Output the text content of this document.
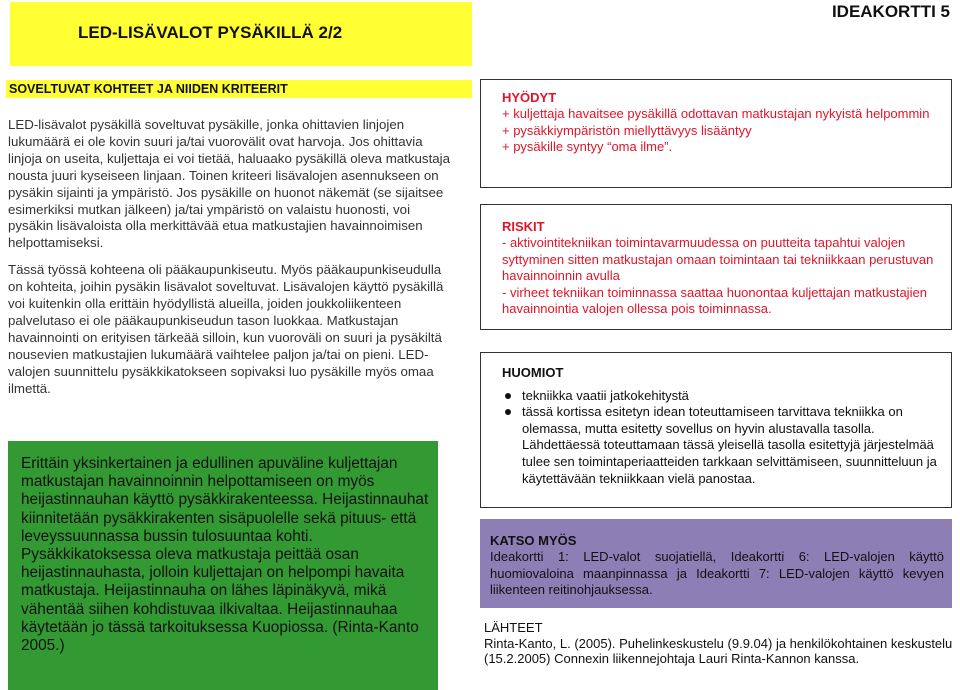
IDEAKORTTI 5
LED-LISÄVALOT PYSÄKILLÄ 2/2
SOVELTUVAT KOHTEET JA NIIDEN KRITEERIT

LED-lisävalot pysäkillä soveltuvat pysäkille, jonka ohittavien linjojen lukumäärä ei ole kovin suuri ja/tai vuorovälit ovat harvoja. Jos ohittavia linjoja on useita, kuljettaja ei voi tietää, haluaako pysäkillä oleva matkustaja nousta juuri kyseiseen linjaan. Toinen kriteeri lisävalojen asennukseen on pysäkin sijainti ja ympäristö. Jos pysäkille on huonot näkemät (se sijaitsee esimerkiksi mutkan jälkeen) ja/tai ympäristö on valaistu huonosti, voi pysäkin lisävaloista olla merkittävää etua matkustajien havainnoimisen helpottamiseksi.

Tässä työssä kohteena oli pääkaupunkiseutu. Myös pääkaupunkiseudulla on kohteita, joihin pysäkin lisävalot soveltuvat. Lisävalojen käyttö pysäkillä voi kuitenkin olla erittäin hyödyllistä alueilla, joiden joukkoliikenteen palvelutaso ei ole pääkaupunkiseudun tason luokkaa. Matkustajan havainnointi on erityisen tärkeää silloin, kun vuoroväli on suuri ja pysäkiltä nousevien matkustajien lukumäärä vaihtelee paljon ja/tai on pieni. LED-valojen suunnittelu pysäkkikatokseen sopivaksi luo pysäkille myös omaa ilmettä.

Erittäin yksinkertainen ja edullinen apuväline kuljettajan matkustajan havainnoinnin helpottamiseen on myös heijastinnauhan käyttö pysäkkirakenteessa. Heijastinnauhat kiinnitetään pysäkkirakenten sisäpuolelle sekä pituus- että leveyssuunnassa bussin tulosuuntaa kohti. Pysäkkikatoksessa oleva matkustaja peittää osan heijastinnauhasta, jolloin kuljettajan on helpompi havaita matkustaja. Heijastinnauha on lähes läpinäkyvä, mikä vähentää siihen kohdistuvaa ilkivaltaa. Heijastinnauhaa käytetään jo tässä tarkoituksessa Kuopiossa. (Rinta-Kanto 2005.)
HYÖDYT
+ kuljettaja havaitsee pysäkillä odottavan matkustajan nykyistä helpommin
+ pysäkkiympäristön miellyttävyys lisääntyy
+ pysäkille syntyy “oma ilme”.
RISKIT
- aktivointitekniikan toimintavarmuudessa on puutteita tapahtui valojen syttyminen sitten matkustajan omaan toimintaan tai tekniikkaan perustuvan havainnoinnin avulla
- virheet tekniikan toiminnassa saattaa huonontaa kuljettajan matkustajien havainnointia valojen ollessa pois toiminnassa.
HUOMIOT
tekniikka vaatii jatkokehitystä
tässä kortissa esitetyn idean toteuttamiseen tarvittava tekniikka on olemassa, mutta esitetty sovellus on hyvin alustavalla tasolla. Lähdettäessä toteuttamaan tässä yleisellä tasolla esitettyjä järjestelmää tulee sen toimintaperiaatteiden tarkkaan selvittämiseen, suunnitteluun ja käytettävään tekniikkaan vielä panostaa.
KATSO MYÖS
Ideakortti 1: LED-valot suojatiellä, Ideakortti 6: LED-valojen käyttö huomiovaloina maanpinnassa ja Ideakortti 7: LED-valojen käyttö kevyen liikenteen reitinohjauksessa.
LÄHTEET
Rinta-Kanto, L. (2005). Puhelinkeskustelu (9.9.04) ja henkilökohtainen keskustelu (15.2.2005) Connexin liikennejohtaja Lauri Rinta-Kannon kanssa.
